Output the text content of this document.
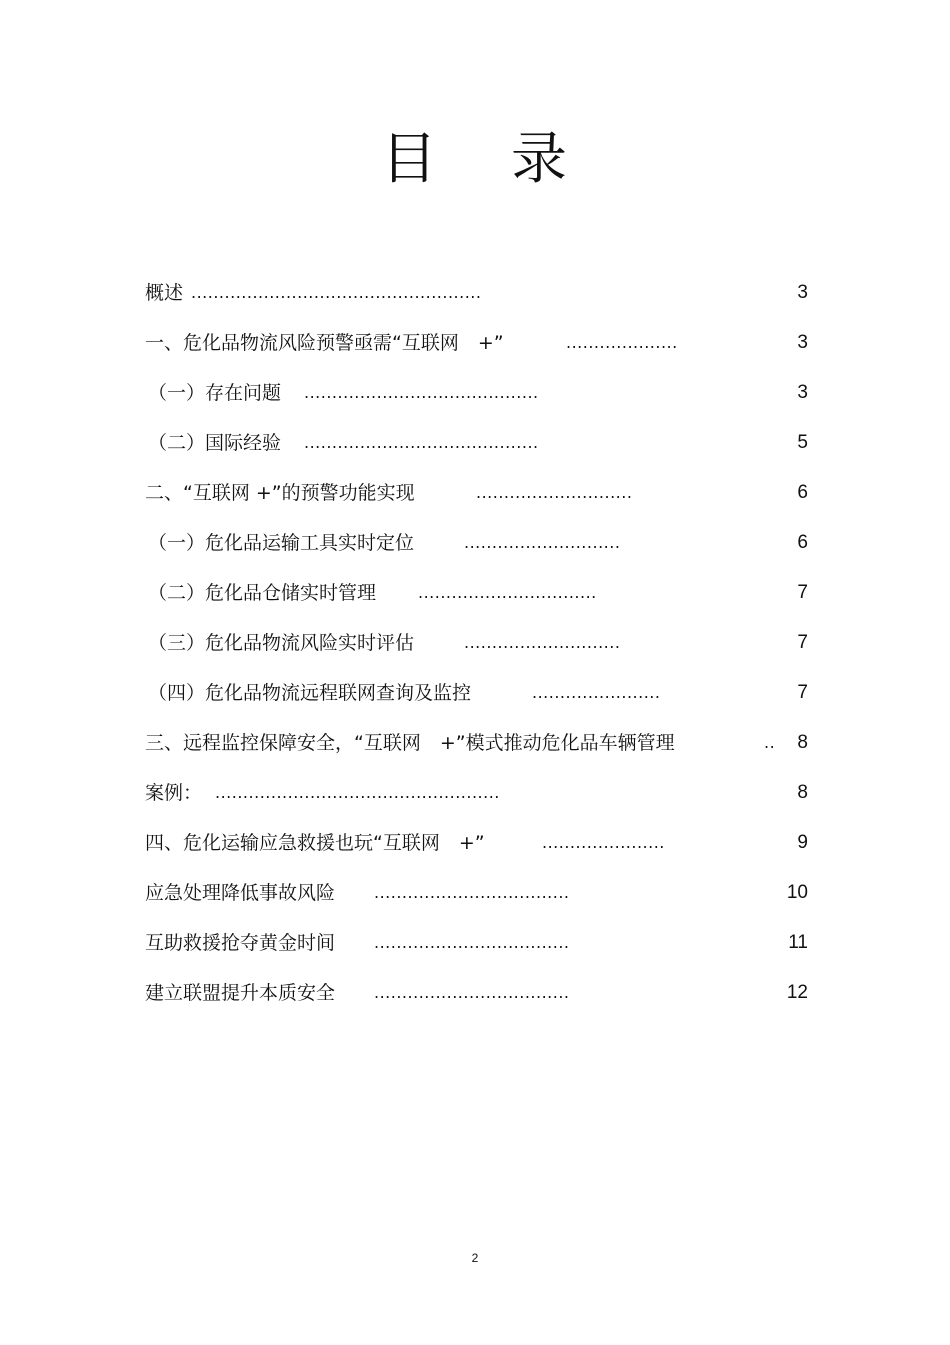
目 录
概述 ....................................................	3
一、危化品物流风险预警亟需“互联网　+”	....................	3
（一）存在问题 ..........................................	3
（二）国际经验 ..........................................	5
二、“互联网 +”的预警功能实现	............................	6
（一）危化品运输工具实时定位	............................	6
（二）危化品仓储实时管理	................................	7
（三）危化品物流风险实时评估	............................	7
（四）危化品物流远程联网查询及监控	.......................	7
三、远程监控保障安全，“互联网　+”模式推动危化品车辆管理	.. 8
案例： ...................................................	8
四、危化运输应急救援也玩“互联网　+”	......................	9
应急处理降低事故风险 ...................................	10
互助救援抢夺黄金时间 ...................................	11
建立联盟提升本质安全 ...................................	12
2
